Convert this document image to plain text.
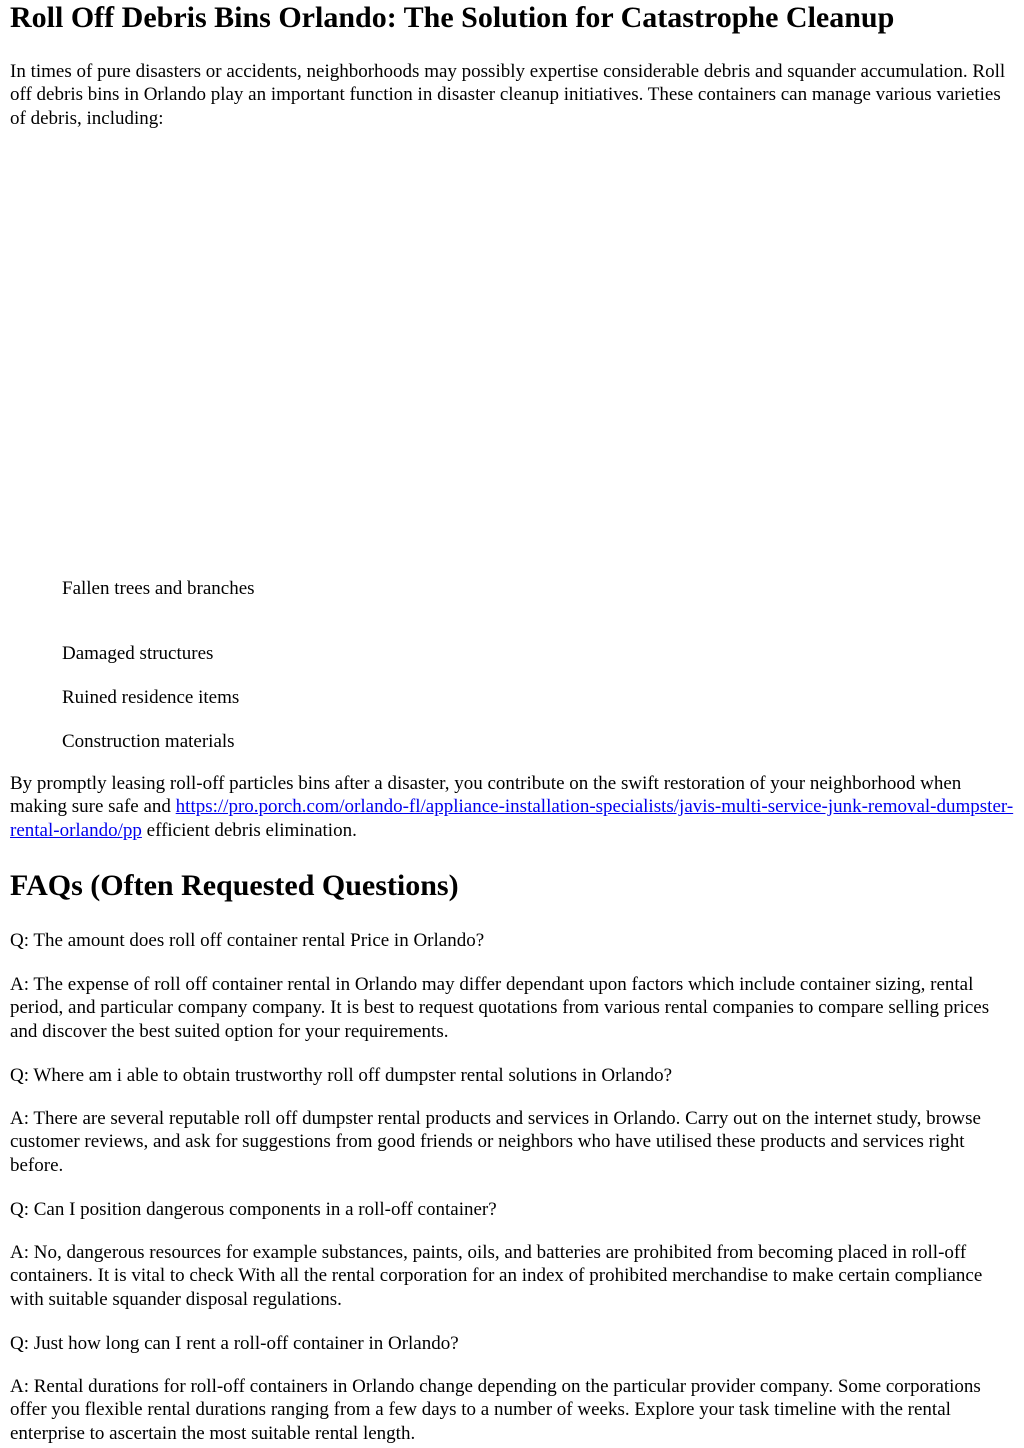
Roll Off Debris Bins Orlando: The Solution for Catastrophe Cleanup

In times of pure disasters or accidents, neighborhoods may possibly expertise considerable debris and squander accumulation. Roll off debris bins in Orlando play an important function in disaster cleanup initiatives. These containers can manage various varieties of debris, including:

Fallen trees and branches
Damaged structures
Ruined residence items
Construction materials

By promptly leasing roll-off particles bins after a disaster, you contribute on the swift restoration of your neighborhood when making sure safe and https://pro.porch.com/orlando-fl/appliance-installation-specialists/javis-multi-service-junk-removal-dumpster-rental-orlando/pp efficient debris elimination.

FAQs (Often Requested Questions)

Q: The amount does roll off container rental Price in Orlando?

A: The expense of roll off container rental in Orlando may differ dependant upon factors which include container sizing, rental period, and particular company company. It is best to request quotations from various rental companies to compare selling prices and discover the best suited option for your requirements.

Q: Where am i able to obtain trustworthy roll off dumpster rental solutions in Orlando?

A: There are several reputable roll off dumpster rental products and services in Orlando. Carry out on the internet study, browse customer reviews, and ask for suggestions from good friends or neighbors who have utilised these products and services right before.

Q: Can I position dangerous components in a roll-off container?

A: No, dangerous resources for example substances, paints, oils, and batteries are prohibited from becoming placed in roll-off containers. It is vital to check With all the rental corporation for an index of prohibited merchandise to make certain compliance with suitable squander disposal regulations.

Q: Just how long can I rent a roll-off container in Orlando?

A: Rental durations for roll-off containers in Orlando change depending on the particular provider company. Some corporations offer you flexible rental durations ranging from a few days to a number of weeks. Explore your task timeline with the rental enterprise to ascertain the most suitable rental length.
